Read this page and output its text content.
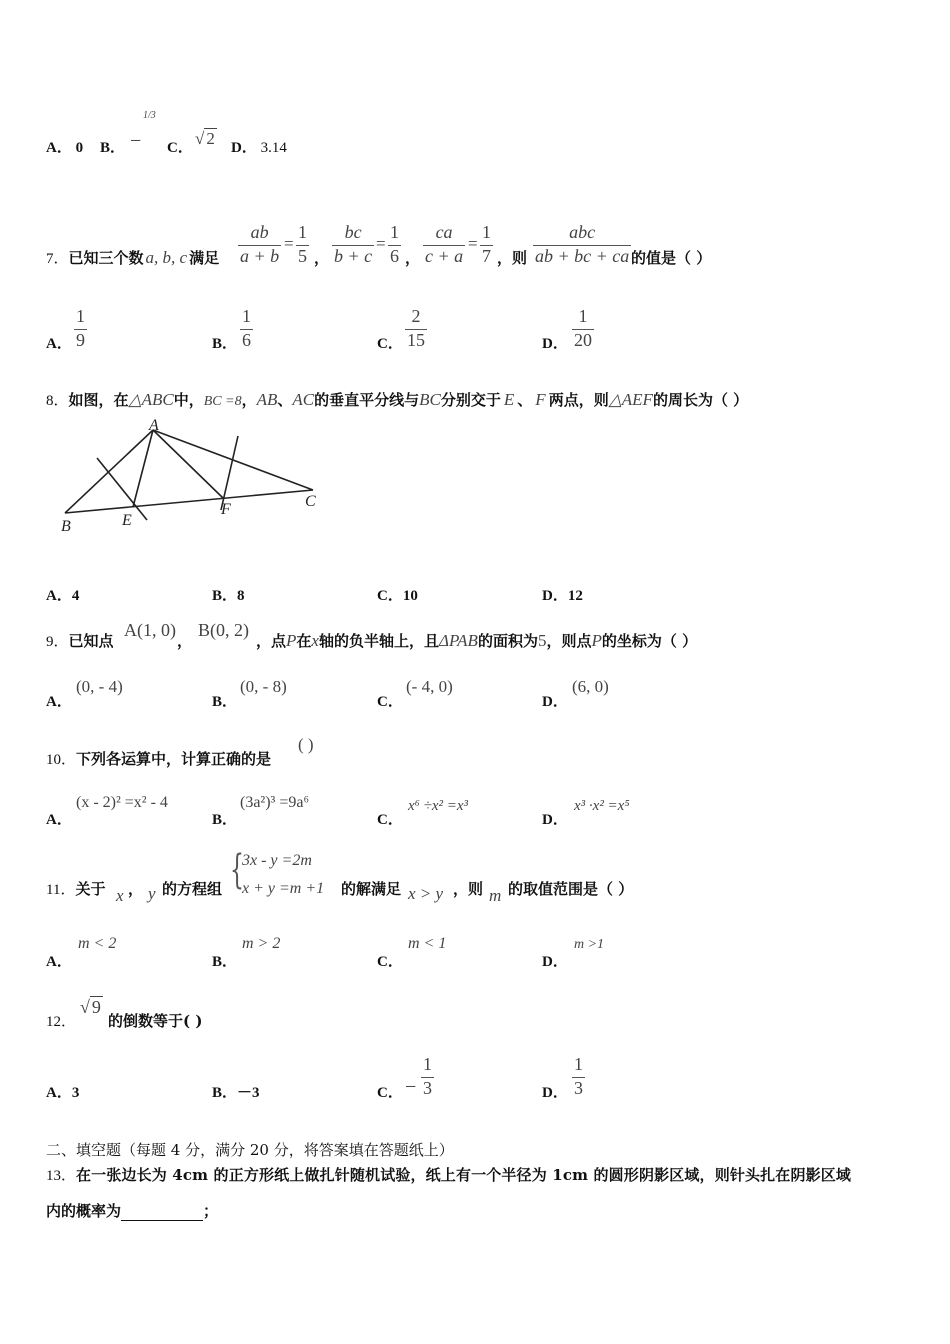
A． 0 B． −
1/3
C． √ 2 D． 3.14
7．已知三个数 a, b, c 满足
ab
a + b
=
1
5 ，
bc
b + c
=
1
6 ，
ca
c + a
=
1
7 ，则
abc
ab + bc + ca 的值是（ ）
A．
1
9	B．
1
6	C．
2
15	D．
1
20
8．如图，在△ABC中，BC =8，AB、AC的垂直平分线与BC分别交于 E 、 F 两点，则△AEF的周长为（ ）
A
B
C
E
F
A．4	B．8	C．10	D．12
9．已知点
A(1, 0)
，
B(0, 2)
，点P在x轴的负半轴上，且ΔPAB的面积为5，则点P的坐标为（ ）
A．
(0, - 4)
B．
(0, - 8)
C．
(- 4, 0)
D．
(6, 0)
10．下列各运算中，计算正确的是
( )
A．
(x - 2)² =x² - 4
B．
(3a²)³ =9a⁶
C．
x⁶ ÷x² =x³
D．
x³ ·x² =x⁵
11．关于 x ， y 的方程组 {
3x - y =2m
x + y =m +1 的解满足 x > y ，则 m 的取值范围是（ ）
A．
m < 2
B．
m > 2
C．
m < 1
D．
m >1
12．
√ 9
的倒数等于( )
A．3	B．－3	C． −
1
3	D．
1
3
二、填空题（每题 4 分，满分 20 分，将答案填在答题纸上）
13．在一张边长为 4cm 的正方形纸上做扎针随机试验，纸上有一个半径为 1cm 的圆形阴影区域，则针头扎在阴影区域
内的概率为	；
